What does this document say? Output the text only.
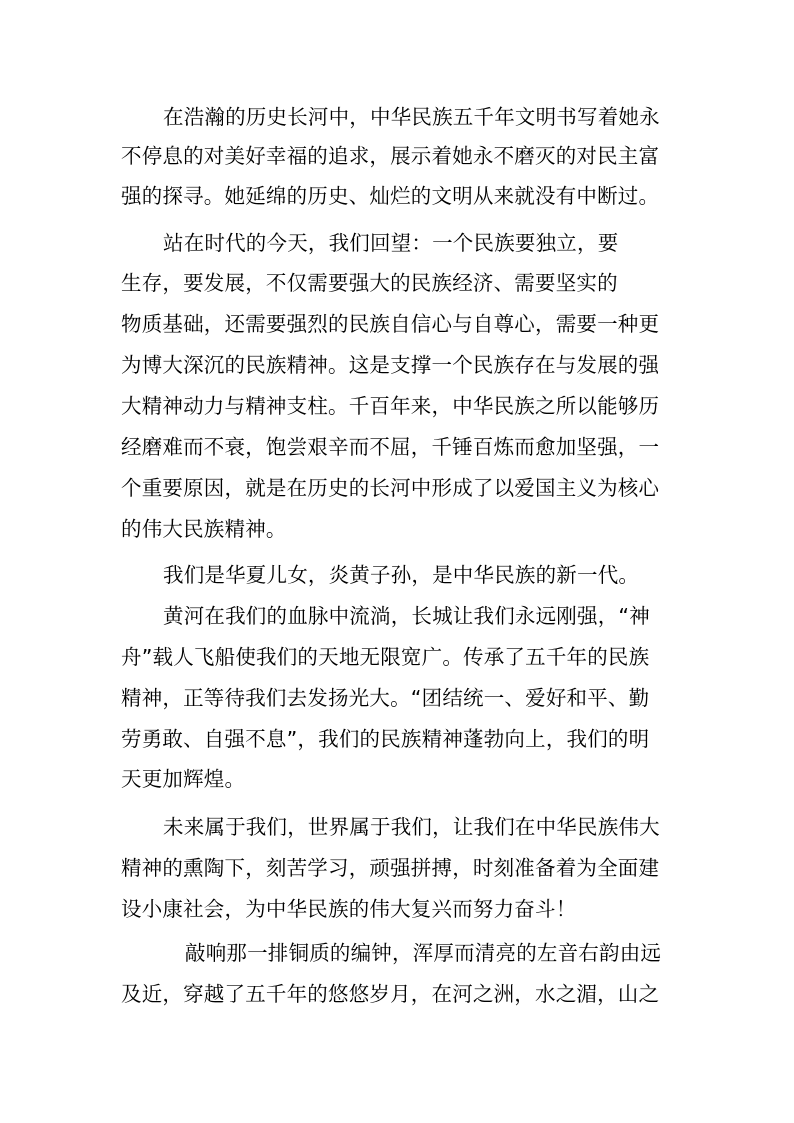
在浩瀚的历史长河中，中华民族五千年文明书写着她永

不停息的对美好幸福的追求，展示着她永不磨灭的对民主富

强的探寻。她延绵的历史、灿烂的文明从来就没有中断过。

站在时代的今天，我们回望：一个民族要独立，要

生存，要发展，不仅需要强大的民族经济、需要坚实的

物质基础，还需要强烈的民族自信心与自尊心，需要一种更

为博大深沉的民族精神。这是支撑一个民族存在与发展的强

大精神动力与精神支柱。千百年来，中华民族之所以能够历

经磨难而不衰，饱尝艰辛而不屈，千锤百炼而愈加坚强，一

个重要原因，就是在历史的长河中形成了以爱国主义为核心

的伟大民族精神。

我们是华夏儿女，炎黄子孙，是中华民族的新一代。

黄河在我们的血脉中流淌，长城让我们永远刚强，“神

舟”载人飞船使我们的天地无限宽广。传承了五千年的民族

精神，正等待我们去发扬光大。“团结统一、爱好和平、勤

劳勇敢、自强不息”，我们的民族精神蓬勃向上，我们的明

天更加辉煌。

未来属于我们，世界属于我们，让我们在中华民族伟大

精神的熏陶下，刻苦学习，顽强拼搏，时刻准备着为全面建

设小康社会，为中华民族的伟大复兴而努力奋斗！

敲响那一排铜质的编钟，浑厚而清亮的左音右韵由远

及近，穿越了五千年的悠悠岁月，在河之洲，水之湄，山之
